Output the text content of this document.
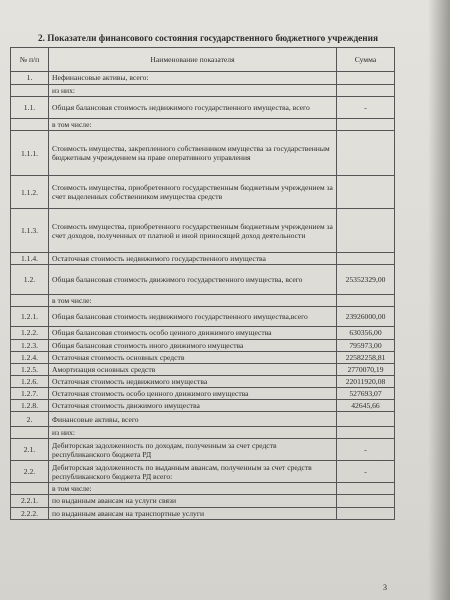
2. Показатели финансового состояния государственного бюджетного учреждения
№ п/п	Наименование показателя	Сумма
1.	Нефинансовые активы, всего:	
	из них:	
1.1.	Общая балансовая стоимость недвижимого государственного имущества, всего	-
	в том числе:	
1.1.1.	Стоимость имущества, закрепленного собственником имущества за государственным бюджетным учреждением на праве оперативного управления	
1.1.2.	Стоимость имущества, приобретенного государственным бюджетным учреждением за счет выделенных собственником имущества средств	
1.1.3.	Стоимость имущества, приобретенного государственным бюджетным учреждением за счет доходов, полученных от платной и иной приносящей доход деятельности	
1.1.4.	Остаточная стоимость недвижимого государственного имущества	
1.2.	Общая балансовая стоимость движимого государственного имущества, всего	25352329,00
	в том числе:	
1.2.1.	Общая балансовая стоимость недвижимого государственного имущества,всего	23926000,00
1.2.2.	Общая балансовая стоимость особо ценного движимого имущества	630356,00
1.2.3.	Общая балансовая стоимость иного движимого имущества	795973,00
1.2.4.	Остаточная стоимость основных средств	22582258,81
1.2.5.	Амортизация основных средств	2770070,19
1.2.6.	Остаточная стоимость недвижимого имущества	22011920,08
1.2.7.	Остаточная стоимость особо ценного движимого имущества	527693,07
1.2.8.	Остаточная стоимость движимого имущества	42645,66
2.	Финансовые активы, всего	
	из них:	
2.1.	Дебиторская задолженность по доходам, полученным за счет средств республиканского бюджета РД	-
2.2.	Дебиторская задолженность по выданным авансам, полученным за счет средств республиканского бюджета РД всего:	-
	в том числе:	
2.2.1.	по выданным авансам на услуги связи	
2.2.2.	по выданным авансам на транспортные услуги	
3
